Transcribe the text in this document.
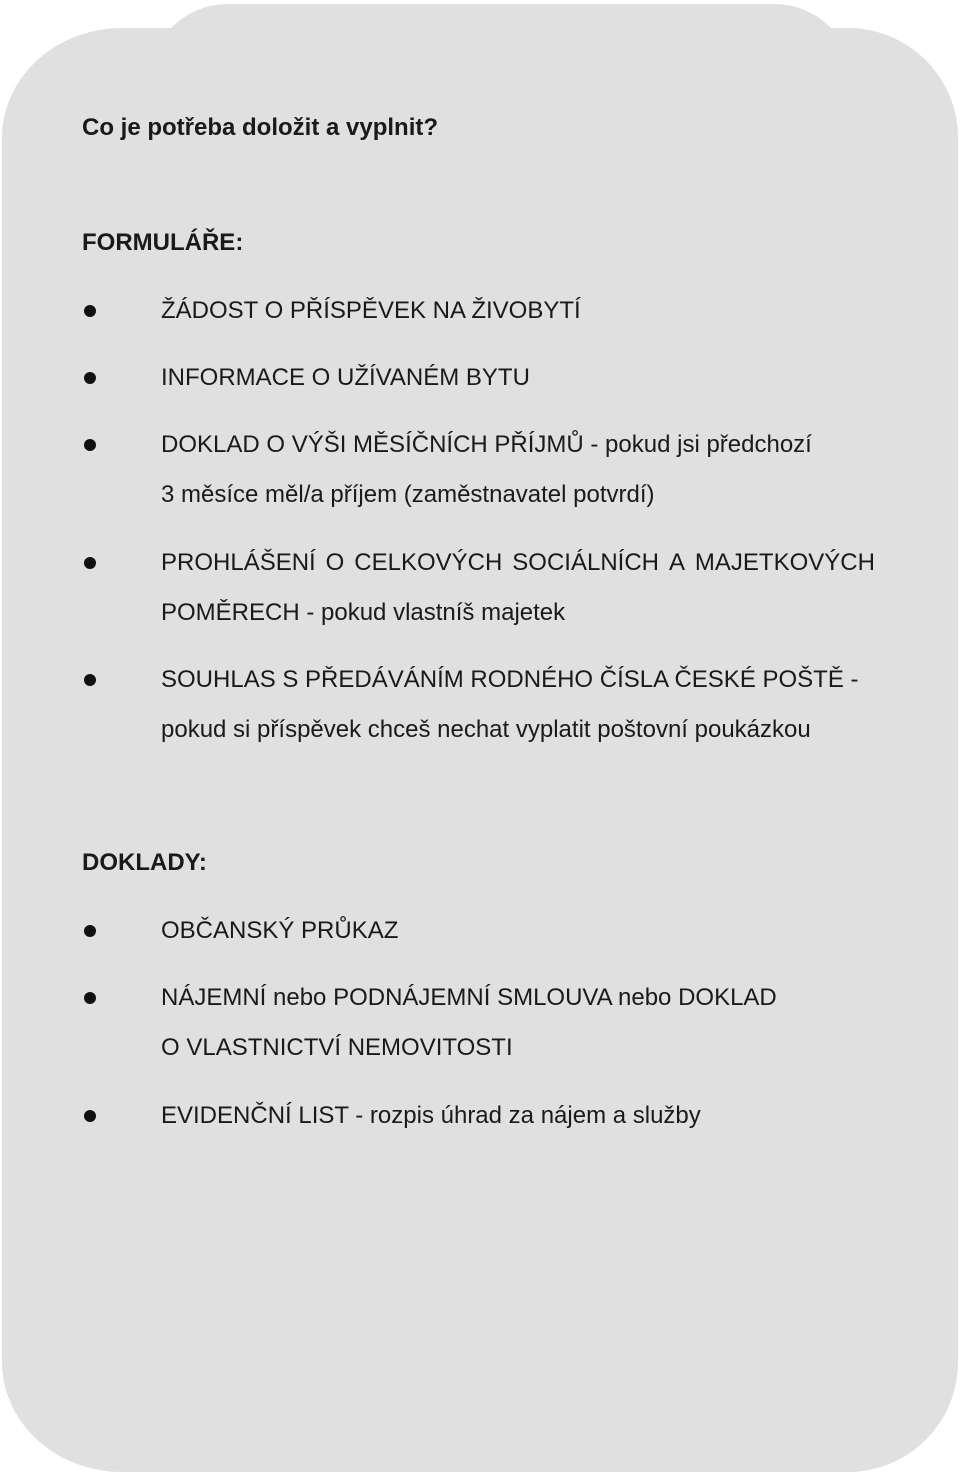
Co je potřeba doložit a vyplnit?
FORMULÁŘE:
ŽÁDOST O PŘÍSPĚVEK NA ŽIVOBYTÍ
INFORMACE O UŽÍVANÉM BYTU
DOKLAD O VÝŠI MĚSÍČNÍCH PŘÍJMŮ - pokud jsi předchozí
3 měsíce měl/a příjem (zaměstnavatel potvrdí)
PROHLÁŠENÍ O CELKOVÝCH SOCIÁLNÍCH A MAJETKOVÝCH
POMĚRECH - pokud vlastníš majetek
SOUHLAS S PŘEDÁVÁNÍM RODNÉHO ČÍSLA ČESKÉ POŠTĚ -
pokud si příspěvek chceš nechat vyplatit poštovní poukázkou
DOKLADY:
OBČANSKÝ PRŮKAZ
NÁJEMNÍ nebo PODNÁJEMNÍ SMLOUVA nebo DOKLAD
O VLASTNICTVÍ NEMOVITOSTI
EVIDENČNÍ LIST - rozpis úhrad za nájem a služby
